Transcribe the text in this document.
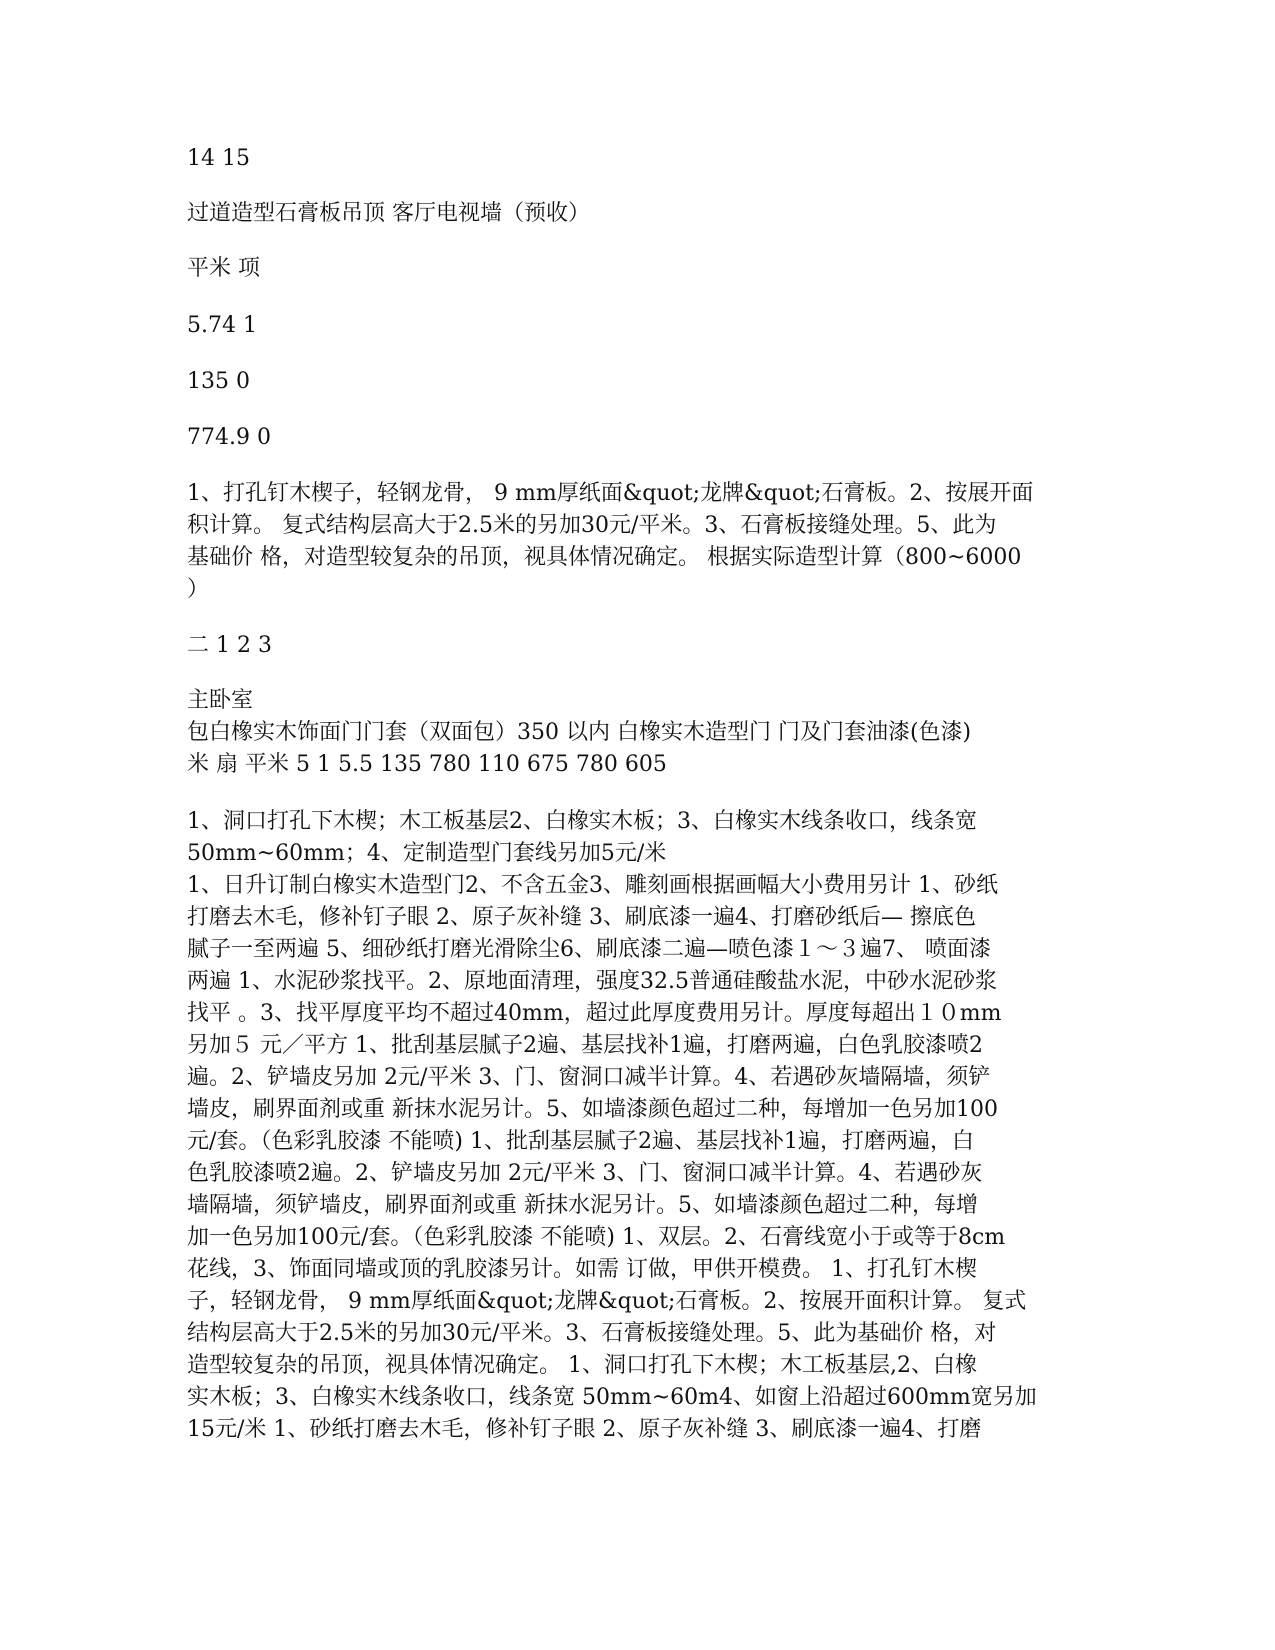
14 15
过道造型石膏板吊顶 客厅电视墙（预收）
平米 项
5.74 1
135 0
774.9 0
1、打孔钉木楔子，轻钢龙骨， 9 mm厚纸面&quot;龙牌&quot;石膏板。2、按展开面
积计算。 复式结构层高大于2.5米的另加30元/平米。3、石膏板接缝处理。5、此为
基础价 格，对造型较复杂的吊顶，视具体情况确定。 根据实际造型计算（800~6000
）
二 1 2 3
主卧室
包白橡实木饰面门门套（双面包）350 以内 白橡实木造型门 门及门套油漆(色漆)
米 扇 平米 5 1 5.5 135 780 110 675 780 605
1、洞口打孔下木楔；木工板基层2、白橡实木板；3、白橡实木线条收口，线条宽
50mm~60mm；4、定制造型门套线另加5元/米
1、日升订制白橡实木造型门2、不含五金3、雕刻画根据画幅大小费用另计 1、砂纸
打磨去木毛，修补钉子眼 2、原子灰补缝 3、刷底漆一遍4、打磨砂纸后— 擦底色
腻子一至两遍 5、细砂纸打磨光滑除尘6、刷底漆二遍—喷色漆１～３遍7、 喷面漆
两遍 1、水泥砂浆找平。2、原地面清理，强度32.5普通硅酸盐水泥，中砂水泥砂浆
找平 。3、找平厚度平均不超过40mm，超过此厚度费用另计。厚度每超出１０mm
另加５ 元／平方 1、批刮基层腻子2遍、基层找补1遍，打磨两遍，白色乳胶漆喷2
遍。2、铲墙皮另加 2元/平米 3、门、窗洞口减半计算。4、若遇砂灰墙隔墙，须铲
墙皮，刷界面剂或重 新抹水泥另计。5、如墙漆颜色超过二种，每增加一色另加100
元/套。（色彩乳胶漆 不能喷) 1、批刮基层腻子2遍、基层找补1遍，打磨两遍，白
色乳胶漆喷2遍。2、铲墙皮另加 2元/平米 3、门、窗洞口减半计算。4、若遇砂灰
墙隔墙，须铲墙皮，刷界面剂或重 新抹水泥另计。5、如墙漆颜色超过二种，每增
加一色另加100元/套。（色彩乳胶漆 不能喷) 1、双层。2、石膏线宽小于或等于8cm
花线，3、饰面同墙或顶的乳胶漆另计。如需 订做，甲供开模费。 1、打孔钉木楔
子，轻钢龙骨， 9 mm厚纸面&quot;龙牌&quot;石膏板。2、按展开面积计算。 复式
结构层高大于2.5米的另加30元/平米。3、石膏板接缝处理。5、此为基础价 格，对
造型较复杂的吊顶，视具体情况确定。 1、洞口打孔下木楔；木工板基层,2、白橡
实木板；3、白橡实木线条收口，线条宽 50mm~60m4、如窗上沿超过600mm宽另加
15元/米 1、砂纸打磨去木毛，修补钉子眼 2、原子灰补缝 3、刷底漆一遍4、打磨
